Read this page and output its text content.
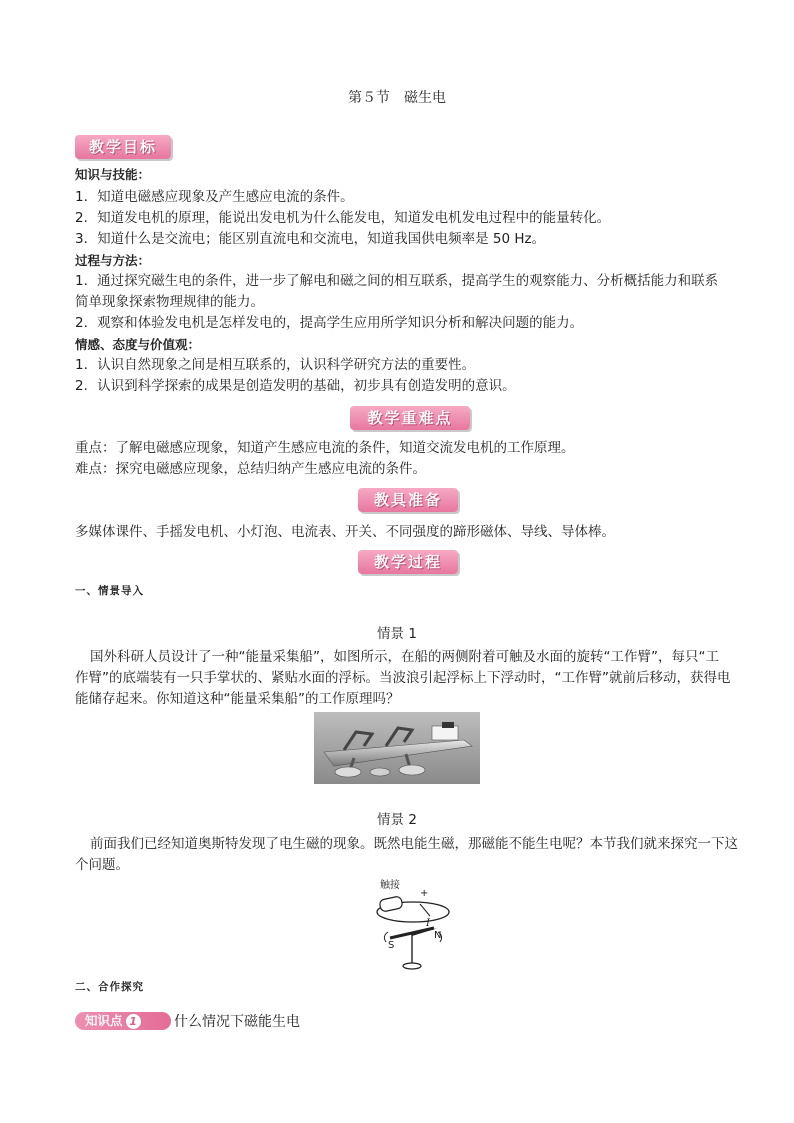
第５节　磁生电
教学目标
知识与技能：
1．知道电磁感应现象及产生感应电流的条件。
2．知道发电机的原理，能说出发电机为什么能发电，知道发电机发电过程中的能量转化。
3．知道什么是交流电；能区别直流电和交流电，知道我国供电频率是 50 Hz。
过程与方法：
1．通过探究磁生电的条件，进一步了解电和磁之间的相互联系，提高学生的观察能力、分析概括能力和联系
简单现象探索物理规律的能力。
2．观察和体验发电机是怎样发电的，提高学生应用所学知识分析和解决问题的能力。
情感、态度与价值观：
1．认识自然现象之间是相互联系的，认识科学研究方法的重要性。
2．认识到科学探索的成果是创造发明的基础，初步具有创造发明的意识。
教学重难点
重点：了解电磁感应现象，知道产生感应电流的条件，知道交流发电机的工作原理。
难点：探究电磁感应现象，总结归纳产生感应电流的条件。
教具准备
多媒体课件、手摇发电机、小灯泡、电流表、开关、不同强度的蹄形磁体、导线、导体棒。
教学过程
一、情景导入
情景 1
国外科研人员设计了一种“能量采集船”，如图所示，在船的两侧附着可触及水面的旋转“工作臂”，每只“工
作臂”的底端装有一只手掌状的、紧贴水面的浮标。当波浪引起浮标上下浮动时，“工作臂”就前后移动，获得电
能储存起来。你知道这种“能量采集船”的工作原理吗？
情景 2
前面我们已经知道奥斯特发现了电生磁的现象。既然电能生磁，那磁能不能生电呢？本节我们就来探究一下这
个问题。
触接
+
I
S
N
二、合作探究
知识点 1	什么情况下磁能生电
